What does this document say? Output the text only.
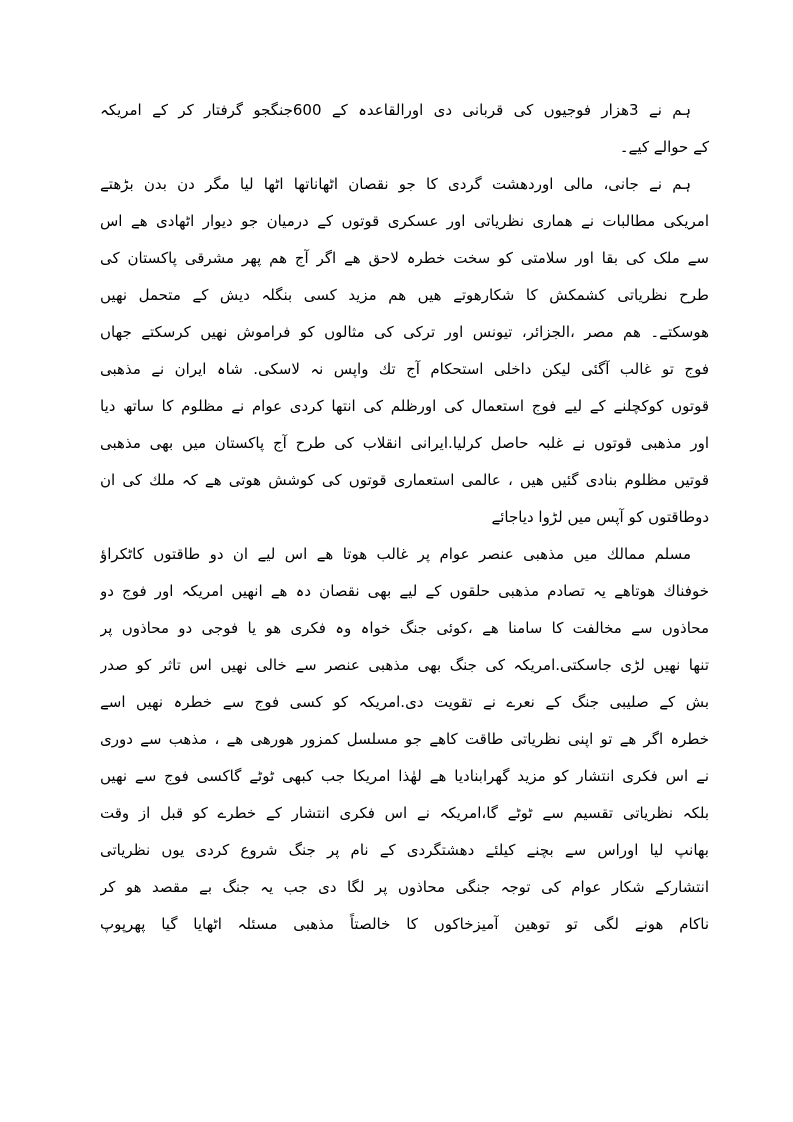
ہم نے 3ھزار فوجیوں کی قربانی دی اورالقاعدہ کے 600جنگجو گرفتار کر کے امریکہ
کے حوالے کیے۔

ہم نے جانی، مالی اوردھشت گردی کا جو نقصان اٹھاناتھا اٹھا لیا مگر دن بدن بڑھتے
امریکی مطالبات نے ھماری نظریاتی اور عسکری قوتوں کے درمیان جو دیوار اٹھادی ھے اس
سے ملک کی بقا اور سلامتی کو سخت خطرہ لاحق ھے اگر آج ھم پھر مشرقی پاکستان کی
طرح نظریاتی کشمکش کا شکارھوتے ھیں ھم مزید کسی بنگلہ دیش کے متحمل نھیں
ھوسکتے۔ ھم مصر ،الجزائر، تیونس اور ترکی کی مثالوں کو فراموش نھیں کرسکتے جھاں
فوج تو غالب آگئی لیکن داخلی استحکام آج تك واپس نہ لاسکی. شاہ ایران نے مذھبی
قوتوں کوکچلنے کے لیے فوج استعمال کی اورظلم کی انتھا کردی عوام نے مظلوم کا ساتھ دیا
اور مذھبی قوتوں نے غلبہ حاصل کرلیا.ایرانی انقلاب کی طرح آج پاکستان میں بھی مذھبی
قوتیں مظلوم بنادی گئیں ھیں ، عالمی استعماری قوتوں کی کوشش ھوتی ھے کہ ملك کی ان
دوطاقتوں کو آپس میں لڑوا دیاجائے

مسلم ممالك میں مذھبی عنصر عوام پر غالب ھوتا ھے اس لیے ان دو طاقتوں کاٹکراؤ
خوفناك ھوتاھے یہ تصادم مذھبی حلقوں کے لیے بھی نقصان دہ ھے انھیں امریکہ اور فوج دو
محاذوں سے مخالفت کا سامنا ھے ،کوئی جنگ خواہ وہ فکری ھو یا فوجی دو محاذوں پر
تنھا نھیں لڑی جاسکتی.امریکہ کی جنگ بھی مذھبی عنصر سے خالی نھیں اس تاثر کو صدر
بش کے صلیبی جنگ کے نعرے نے تقویت دی.امریکہ کو کسی فوج سے خطرہ نھیں اسے
خطرہ اگر ھے تو اپنی نظریاتی طاقت کاھے جو مسلسل کمزور ھورھی ھے ، مذھب سے دوری
نے اس فکری انتشار کو مزید گھرابنادیا ھے لھٰذا امریکا جب کبھی ٹوٹے گاکسی فوج سے نھیں
بلکہ نظریاتی تقسیم سے ٹوٹے گا،امریکہ نے اس فکری انتشار کے خطرے کو قبل از وقت
بھانپ لیا اوراس سے بچنے کیلئے دھشتگردی کے نام پر جنگ شروع کردی یوں نظریاتی
انتشارکے شکار عوام کی توجہ جنگی محاذوں پر لگا دی جب یہ جنگ بے مقصد ھو کر
ناکام ھونے لگی تو توھین آمیزخاکوں کا خالصتاً مذھبی مسئلہ اٹھایا گیا پھرپوپ
